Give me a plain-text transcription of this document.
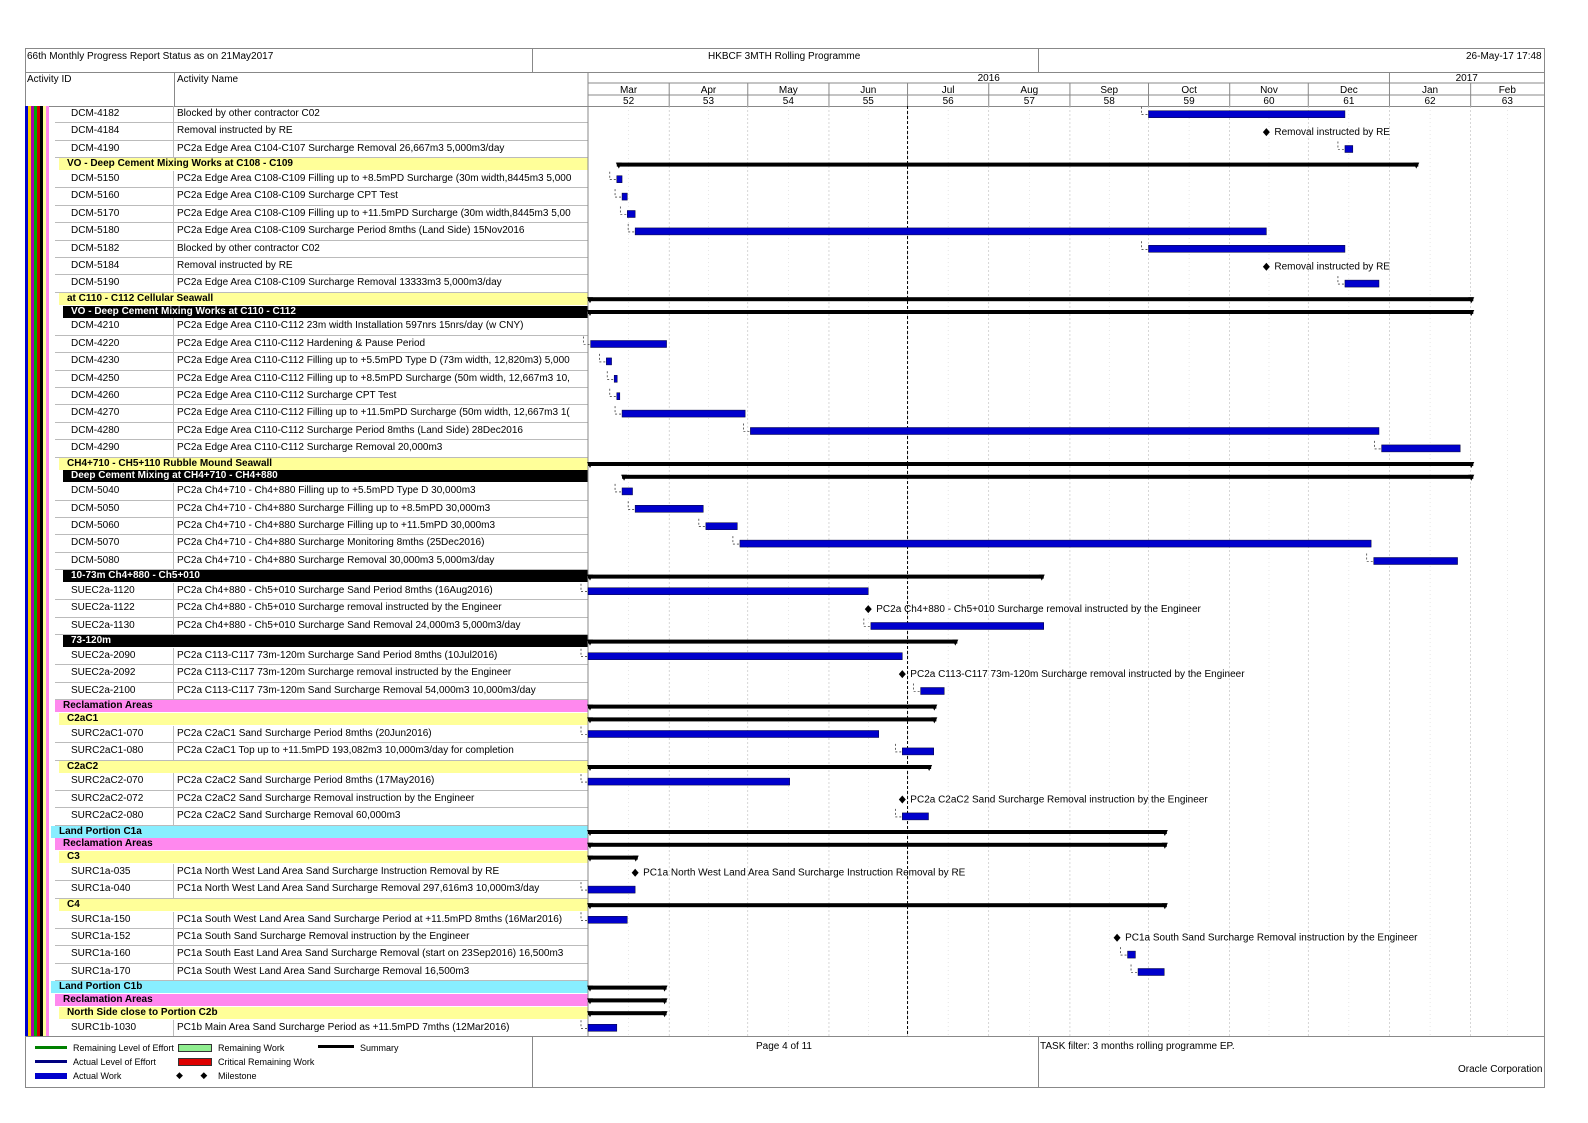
66th Monthly Progress Report Status as on 21May2017	HKBCF 3MTH Rolling Programme	26-May-17 17:48
Activity ID	Activity Name
DCM-4182	Blocked by other contractor C02
DCM-4184	Removal instructed by RE
DCM-4190	PC2a Edge Area C104-C107 Surcharge Removal 26,667m3 5,000m3/day
VO - Deep Cement Mixing Works at C108 - C109
DCM-5150	PC2a Edge Area C108-C109 Filling up to +8.5mPD Surcharge (30m width,8445m3 5,000
DCM-5160	PC2a Edge Area C108-C109 Surcharge CPT Test
DCM-5170	PC2a Edge Area C108-C109 Filling up to +11.5mPD Surcharge (30m width,8445m3 5,00
DCM-5180	PC2a Edge Area C108-C109 Surcharge Period 8mths (Land Side) 15Nov2016
DCM-5182	Blocked by other contractor C02
DCM-5184	Removal instructed by RE
DCM-5190	PC2a Edge Area C108-C109 Surcharge Removal 13333m3 5,000m3/day
at C110 - C112 Cellular Seawall
VO - Deep Cement Mixing Works at C110 - C112
DCM-4210	PC2a Edge Area C110-C112 23m width Installation 597nrs 15nrs/day (w CNY)
DCM-4220	PC2a Edge Area C110-C112 Hardening & Pause Period
DCM-4230	PC2a Edge Area C110-C112 Filling up to +5.5mPD Type D (73m width, 12,820m3) 5,000
DCM-4250	PC2a Edge Area C110-C112 Filling up to +8.5mPD Surcharge (50m width, 12,667m3 10,
DCM-4260	PC2a Edge Area C110-C112 Surcharge CPT Test
DCM-4270	PC2a Edge Area C110-C112 Filling up to +11.5mPD Surcharge (50m width, 12,667m3 1(
DCM-4280	PC2a Edge Area C110-C112 Surcharge Period 8mths (Land Side) 28Dec2016
DCM-4290	PC2a Edge Area C110-C112 Surcharge Removal 20,000m3
CH4+710 - CH5+110 Rubble Mound Seawall
Deep Cement Mixing at CH4+710 - CH4+880
DCM-5040	PC2a Ch4+710 - Ch4+880 Filling up to +5.5mPD Type D 30,000m3
DCM-5050	PC2a Ch4+710 - Ch4+880 Surcharge Filling up to +8.5mPD 30,000m3
DCM-5060	PC2a Ch4+710 - Ch4+880 Surcharge Filling up to +11.5mPD 30,000m3
DCM-5070	PC2a Ch4+710 - Ch4+880 Surcharge Monitoring 8mths (25Dec2016)
DCM-5080	PC2a Ch4+710 - Ch4+880 Surcharge Removal 30,000m3 5,000m3/day
10-73m Ch4+880 - Ch5+010
SUEC2a-1120	PC2a Ch4+880 - Ch5+010 Surcharge Sand Period 8mths (16Aug2016)
SUEC2a-1122	PC2a Ch4+880 - Ch5+010 Surcharge removal instructed by the Engineer
SUEC2a-1130	PC2a Ch4+880 - Ch5+010 Surcharge Sand Removal 24,000m3 5,000m3/day
73-120m
SUEC2a-2090	PC2a C113-C117 73m-120m Surcharge Sand Period 8mths (10Jul2016)
SUEC2a-2092	PC2a C113-C117 73m-120m Surcharge removal instructed by the Engineer
SUEC2a-2100	PC2a C113-C117 73m-120m Sand Surcharge Removal 54,000m3 10,000m3/day
Reclamation Areas
C2aC1
SURC2aC1-070	PC2a C2aC1 Sand Surcharge Period 8mths (20Jun2016)
SURC2aC1-080	PC2a C2aC1 Top up to +11.5mPD 193,082m3 10,000m3/day for completion
C2aC2
SURC2aC2-070	PC2a C2aC2 Sand Surcharge Period 8mths (17May2016)
SURC2aC2-072	PC2a C2aC2 Sand Surcharge Removal instruction by the Engineer
SURC2aC2-080	PC2a C2aC2 Sand Surcharge Removal 60,000m3
Land Portion C1a
Reclamation Areas
C3
SURC1a-035	PC1a North West Land Area Sand Surcharge Instruction Removal by RE
SURC1a-040	PC1a North West Land Area Sand Surcharge Removal 297,616m3 10,000m3/day
C4
SURC1a-150	PC1a South West Land Area Sand Surcharge Period at +11.5mPD 8mths (16Mar2016)
SURC1a-152	PC1a South Sand Surcharge Removal instruction by the Engineer
SURC1a-160	PC1a South East Land Area Sand Surcharge Removal (start on 23Sep2016) 16,500m3
SURC1a-170	PC1a South West Land Area Sand Surcharge Removal 16,500m3
Land Portion C1b
Reclamation Areas
North Side close to Portion C2b
SURC1b-1030	PC1b Main Area Sand Surcharge Period as +11.5mPD 7mths (12Mar2016)
2016	2017
Mar
52
Apr
53
May
54
Jun
55
Jul
56
Aug
57
Sep
58
Oct
59
Nov
60
Dec
61
Jan
62
Feb
63
Removal instructed by RE
Removal instructed by RE
PC2a Ch4+880 - Ch5+010 Surcharge removal instructed by the Engineer
PC2a C113-C117 73m-120m Surcharge removal instructed by the Engineer
PC2a C2aC2 Sand Surcharge Removal instruction by the Engineer
PC1a North West Land Area Sand Surcharge Instruction Removal by RE
PC1a South Sand Surcharge Removal instruction by the Engineer
Page 4 of 11	TASK filter: 3 months rolling programme EP.
Oracle Corporation
Remaining Level of Effort
Actual Level of Effort
Actual Work
Remaining Work
Critical Remaining Work
◆       ◆ Milestone
Summary
